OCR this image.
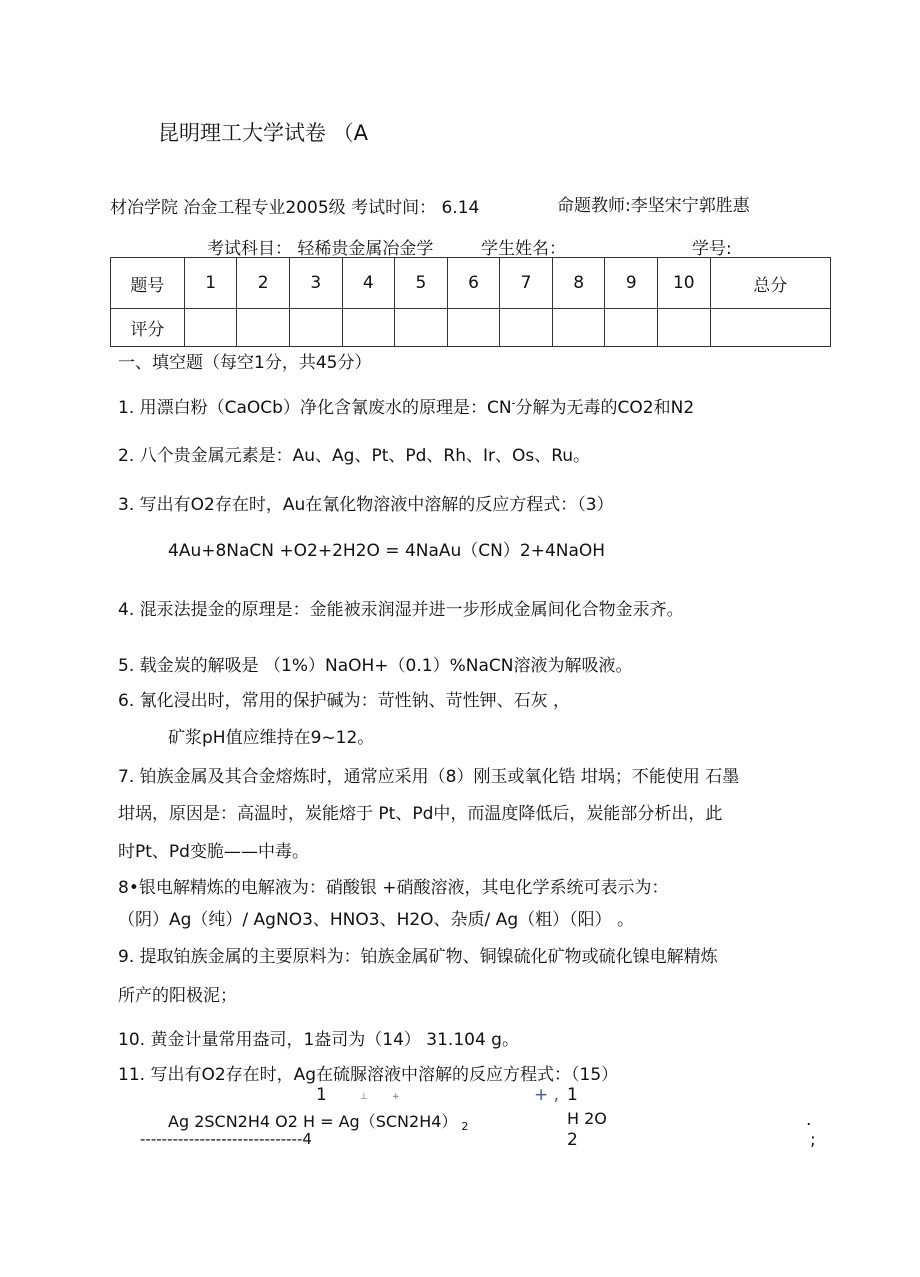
昆明理工大学试卷 （A
材冶学院 冶金工程专业2005级 考试时间： 6.14	命题教师:李坚宋宁郭胜惠
考试科目： 轻稀贵金属冶金学	学生姓名：	学号:
题号	1	2	3	4	5	6	7	8	9	10	总分
评分											
一、填空题（每空1分，共45分）
1. 用漂白粉（CaOCb）净化含氰废水的原理是：CN-分解为无毒的CO2和N2
2. 八个贵金属元素是：Au、Ag、Pt、Pd、Rh、Ir、Os、Ru。
3. 写出有O2存在时，Au在氰化物溶液中溶解的反应方程式：（3）
4Au+8NaCN +O2+2H2O = 4NaAu（CN）2+4NaOH
4. 混汞法提金的原理是：金能被汞润湿并进一步形成金属间化合物金汞齐。
5. 载金炭的解吸是 （1%）NaOH+（0.1）%NaCN溶液为解吸液。
6. 氰化浸出时，常用的保护碱为：苛性钠、苛性钾、石灰 ，
矿浆pH值应维持在9~12。
7. 铂族金属及其合金熔炼时，通常应采用（8）刚玉或氧化锆 坩埚；不能使用 石墨
坩埚，原因是：高温时，炭能熔于 Pt、Pd中，而温度降低后，炭能部分析出，此
时Pt、Pd变脆——中毒。
8•银电解精炼的电解液为：硝酸银 +硝酸溶液，其电化学系统可表示为：
（阴）Ag（纯）/ AgNO3、HNO3、H2O、杂质/ Ag（粗）（阳） 。
9. 提取铂族金属的主要原料为：铂族金属矿物、铜镍硫化矿物或硫化镍电解精炼
所产的阳极泥；
10. 黄金计量常用盎司，1盎司为（14） 31.104 g。
11. 写出有O2存在时，Ag在硫脲溶液中溶解的反应方程式：（15）
1	⊥	+	+ , 1
Ag 2SCN2H4 O2 H = Ag（SCN2H4） 2	H 2O
------------------------------4	2
.
;
